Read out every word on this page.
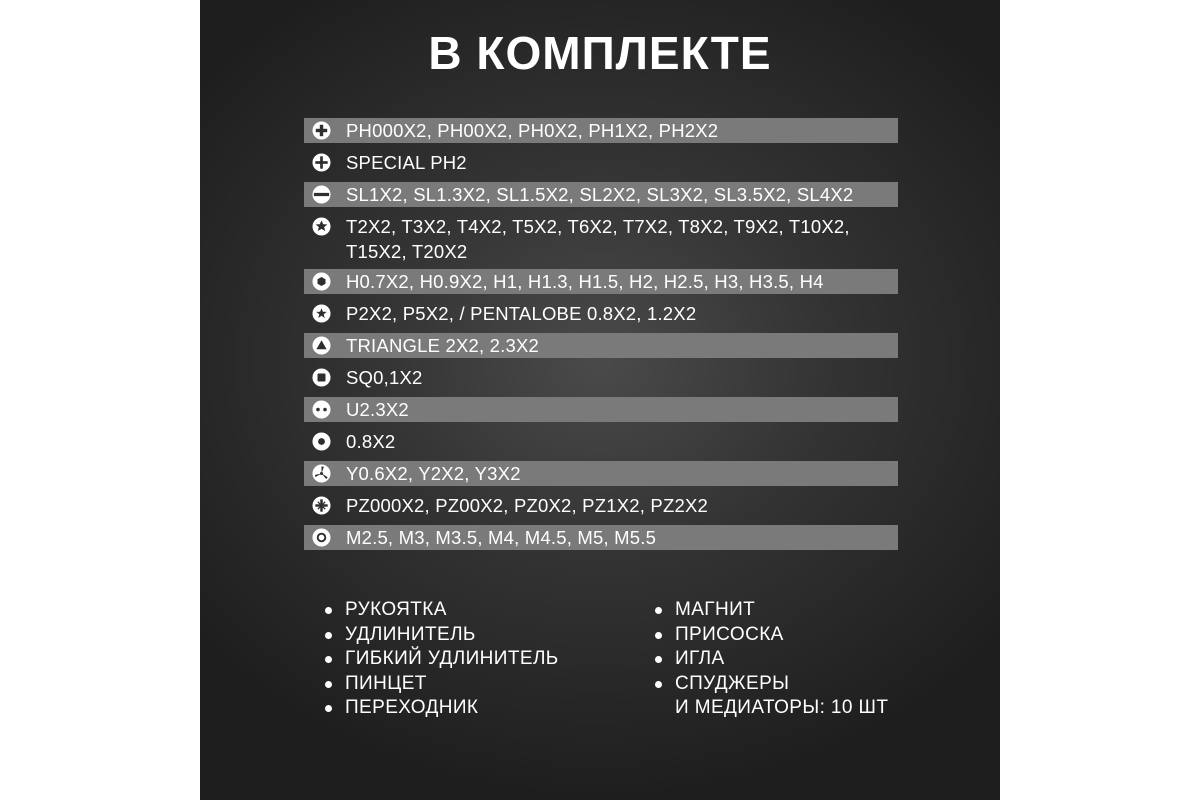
В КОМПЛЕКТЕ
PH000X2, PH00X2, PH0X2, PH1X2, PH2X2
SPECIAL PH2
SL1X2, SL1.3X2, SL1.5X2, SL2X2, SL3X2, SL3.5X2, SL4X2
T2X2, T3X2, T4X2, T5X2, T6X2, T7X2, T8X2, T9X2, T10X2, T15X2, T20X2
H0.7X2, H0.9X2, H1, H1.3, H1.5, H2, H2.5, H3, H3.5, H4
P2X2, P5X2, / PENTALOBE 0.8X2, 1.2X2
TRIANGLE 2X2, 2.3X2
SQ0,1X2
U2.3X2
0.8X2
Y0.6X2, Y2X2, Y3X2
PZ000X2, PZ00X2, PZ0X2, PZ1X2, PZ2X2
M2.5, M3, M3.5, M4, M4.5, M5, M5.5
РУКОЯТКА
УДЛИНИТЕЛЬ
ГИБКИЙ УДЛИНИТЕЛЬ
ПИНЦЕТ
ПЕРЕХОДНИК
МАГНИТ
ПРИСОСКА
ИГЛА
СПУДЖЕРЫ
И МЕДИАТОРЫ: 10 ШТ
